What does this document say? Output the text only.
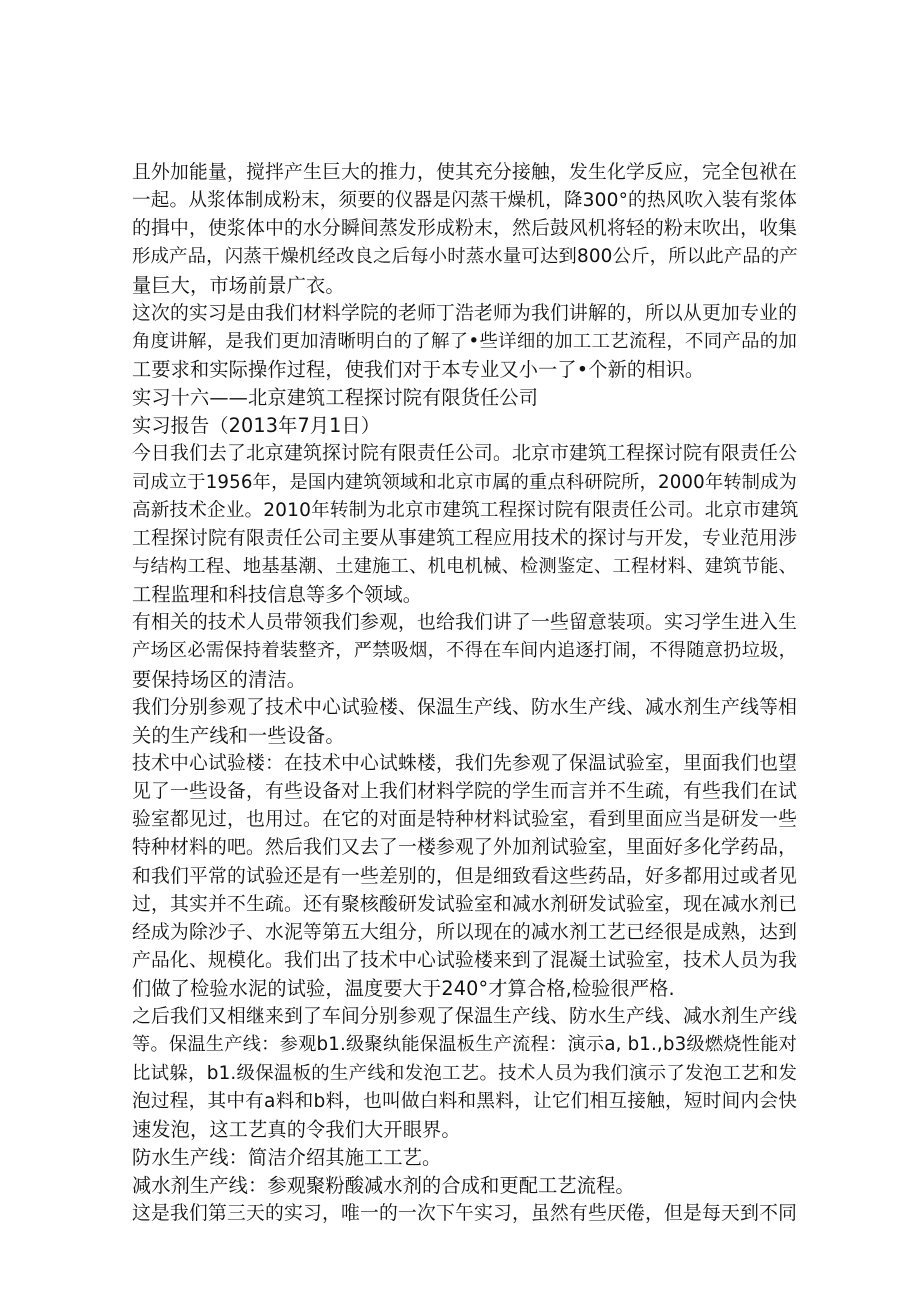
且外加能量，搅拌产生巨大的推力，使其充分接触，发生化学反应，完全包袱在
一起。从浆体制成粉末，须要的仪器是闪蒸干燥机，降300°的热风吹入装有浆体
的揖中，使浆体中的水分瞬间蒸发形成粉末，然后鼓风机将轻的粉末吹出，收集
形成产品，闪蒸干燥机经改良之后每小时蒸水量可达到800公斤，所以此产品的产
量巨大，市场前景广衣。
这次的实习是由我们材料学院的老师丁浩老师为我们讲解的，所以从更加专业的
角度讲解，是我们更加清晰明白的了解了•些详细的加工工艺流程，不同产品的加
工要求和实际操作过程，使我们对于本专业又小一了•个新的相识。
实习十六——北京建筑工程探讨院有限货任公司
实习报告（2013年7月1日）
今日我们去了北京建筑探讨院有限责任公司。北京市建筑工程探讨院有限责任公
司成立于1956年，是国内建筑领域和北京市属的重点科研院所，2000年转制成为
高新技术企业。2010年转制为北京市建筑工程探讨院有限责任公司。北京市建筑
工程探讨院有限责任公司主要从事建筑工程应用技术的探讨与开发，专业范用涉
与结构工程、地基基潮、土建施工、机电机械、检测鉴定、工程材料、建筑节能、
工程监理和科技信息等多个领域。
有相关的技术人员带领我们参观，也给我们讲了一些留意装项。实习学生进入生
产场区必需保持着装整齐，严禁吸烟，不得在车间内追逐打闹，不得随意扔垃圾，
要保持场区的清洁。
我们分别参观了技术中心试验楼、保温生产线、防水生产线、减水剂生产线等相
关的生产线和一些设备。
技术中心试验楼：在技术中心试蛛楼，我们先参观了保温试验室，里面我们也望
见了一些设备，有些设备对上我们材料学院的学生而言并不生疏，有些我们在试
验室都见过，也用过。在它的对面是特种材料试验室，看到里面应当是研发一些
特种材料的吧。然后我们又去了一楼参观了外加剂试验室，里面好多化学药品，
和我们平常的试验还是有一些差别的，但是细致看这些药品，好多都用过或者见
过，其实并不生疏。还有聚核酸研发试验室和减水剂研发试验室，现在减水剂已
经成为除沙子、水泥等第五大组分，所以现在的减水剂工艺已经很是成熟，达到
产品化、规模化。我们出了技术中心试验楼来到了混凝土试验室，技术人员为我
们做了检验水泥的试验，温度要大于240°才算合格,检验很严格.
之后我们又相继来到了车间分别参观了保温生产线、防水生产线、减水剂生产线
等。保温生产线：参观b1.级聚纨能保温板生产流程：演示a, b1.,b3级燃烧性能对
比试躲，b1.级保温板的生产线和发泡工艺。技术人员为我们演示了发泡工艺和发
泡过程，其中有a料和b料，也叫做白料和黑料，让它们相互接触，短时间内会快
速发泡，这工艺真的令我们大开眼界。
防水生产线：简洁介绍其施工工艺。
减水剂生产线：参观聚粉酸减水剂的合成和更配工艺流程。
这是我们第三天的实习，唯一的一次下午实习，虽然有些厌倦，但是每天到不同
